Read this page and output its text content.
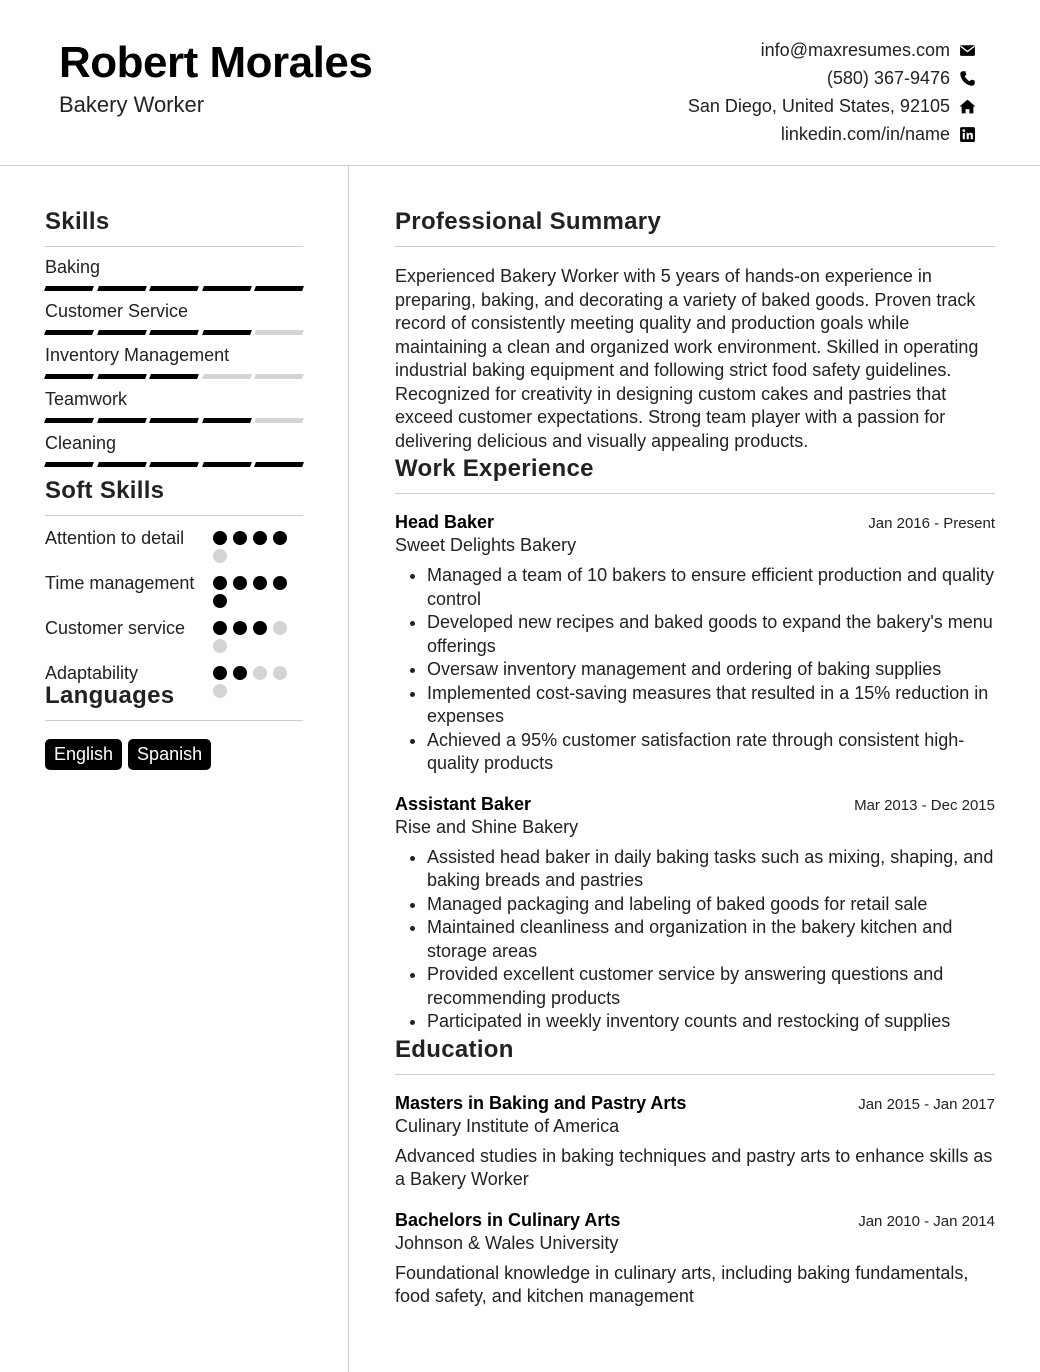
Robert Morales
Bakery Worker
info@maxresumes.com
(580) 367-9476
San Diego, United States, 92105
linkedin.com/in/name
Skills
Baking
Customer Service
Inventory Management
Teamwork
Cleaning
Soft Skills
Attention to detail
Time management
Customer service
Adaptability
Languages
English	Spanish
Professional Summary
Experienced Bakery Worker with 5 years of hands-on experience in preparing, baking, and decorating a variety of baked goods. Proven track record of consistently meeting quality and production goals while maintaining a clean and organized work environment. Skilled in operating industrial baking equipment and following strict food safety guidelines. Recognized for creativity in designing custom cakes and pastries that exceed customer expectations. Strong team player with a passion for delivering delicious and visually appealing products.
Work Experience
Head Baker	Jan 2016 - Present
Sweet Delights Bakery
• Managed a team of 10 bakers to ensure efficient production and quality control
• Developed new recipes and baked goods to expand the bakery's menu offerings
• Oversaw inventory management and ordering of baking supplies
• Implemented cost-saving measures that resulted in a 15% reduction in expenses
• Achieved a 95% customer satisfaction rate through consistent high-quality products
Assistant Baker	Mar 2013 - Dec 2015
Rise and Shine Bakery
• Assisted head baker in daily baking tasks such as mixing, shaping, and baking breads and pastries
• Managed packaging and labeling of baked goods for retail sale
• Maintained cleanliness and organization in the bakery kitchen and storage areas
• Provided excellent customer service by answering questions and recommending products
• Participated in weekly inventory counts and restocking of supplies
Education
Masters in Baking and Pastry Arts	Jan 2015 - Jan 2017
Culinary Institute of America
Advanced studies in baking techniques and pastry arts to enhance skills as a Bakery Worker
Bachelors in Culinary Arts	Jan 2010 - Jan 2014
Johnson & Wales University
Foundational knowledge in culinary arts, including baking fundamentals, food safety, and kitchen management
